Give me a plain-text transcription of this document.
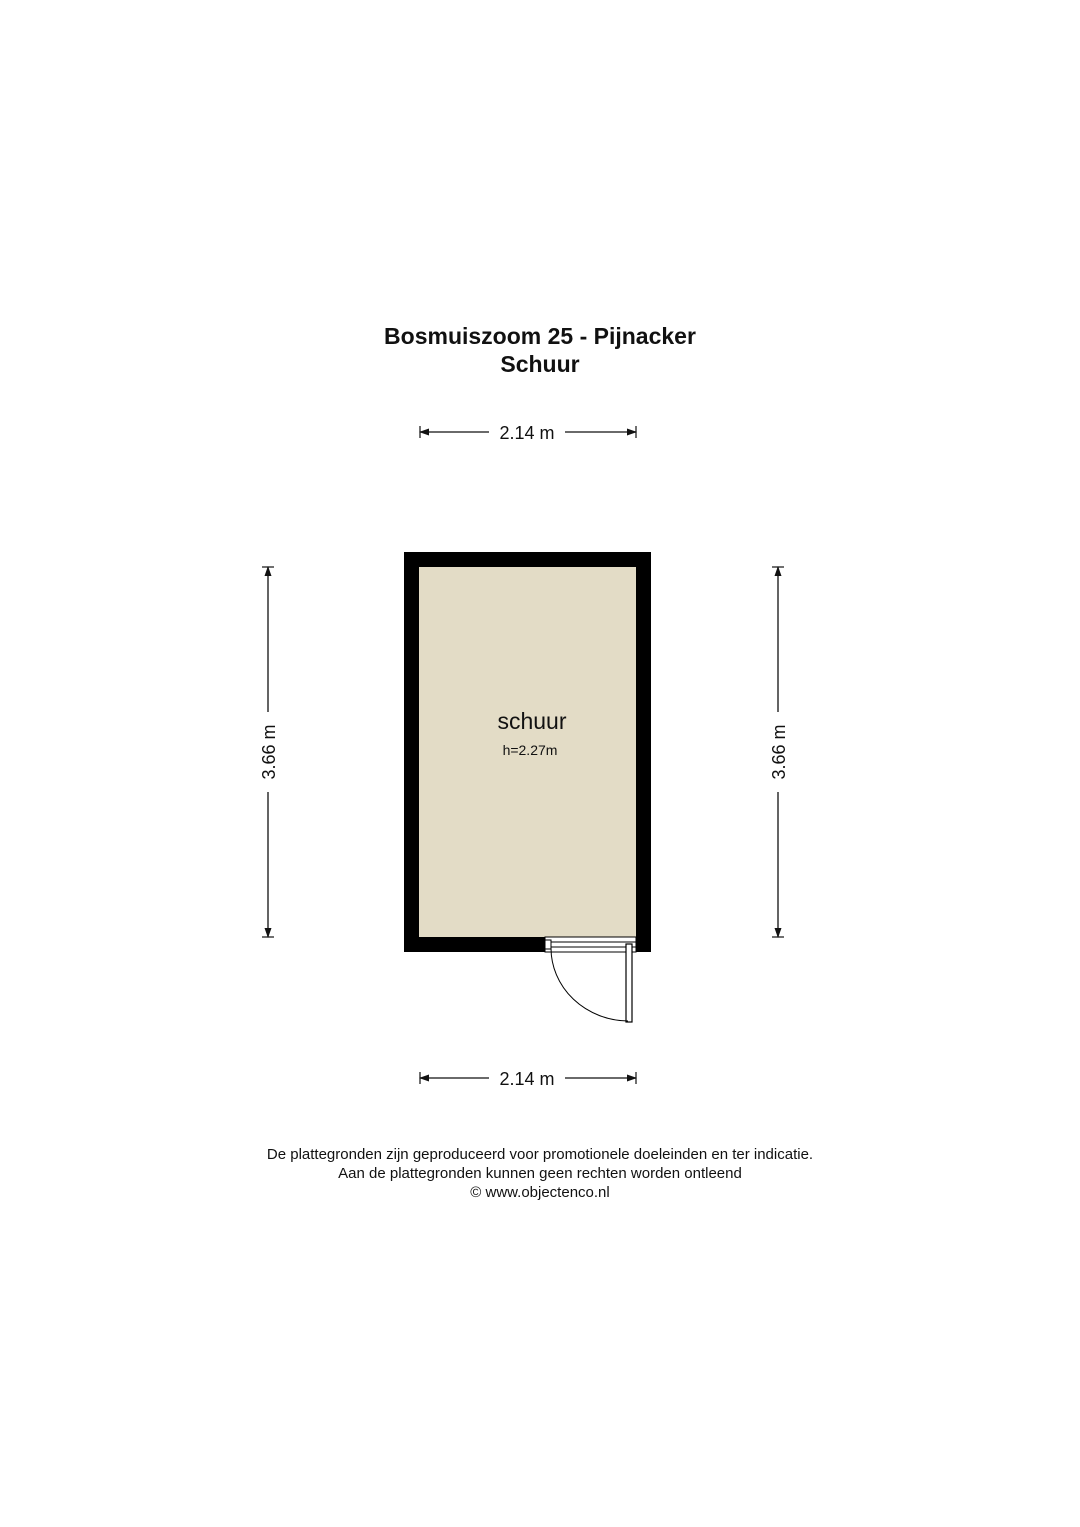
Bosmuiszoom 25 - Pijnacker
Schuur
2.14 m
2.14 m
3.66 m	3.66 m
schuur
h=2.27m
De plattegronden zijn geproduceerd voor promotionele doeleinden en ter indicatie.
Aan de plattegronden kunnen geen rechten worden ontleend
© www.objectenco.nl
